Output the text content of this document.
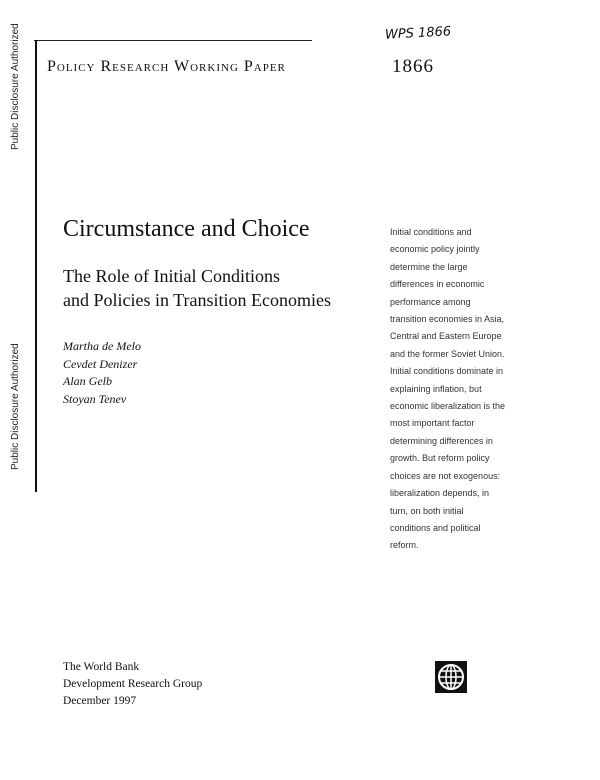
Public Disclosure Authorized
Public Disclosure Authorized
WPS 1866
Policy Research Working Paper	1866
Circumstance and Choice
The Role of Initial Conditions
and Policies in Transition Economies
Martha de Melo
Cevdet Denizer
Alan Gelb
Stoyan Tenev
Initial conditions and
economic policy jointly
determine the large
differences in economic
performance among
transition economies in Asia,
Central and Eastern Europe
and the former Soviet Union.
Initial conditions dominate in
explaining inflation, but
economic liberalization is the
most important factor
determining differences in
growth. But reform policy
choices are not exogenous:
liberalization depends, in
turn, on both initial
conditions and political
reform.
The World Bank
Development Research Group
December 1997
